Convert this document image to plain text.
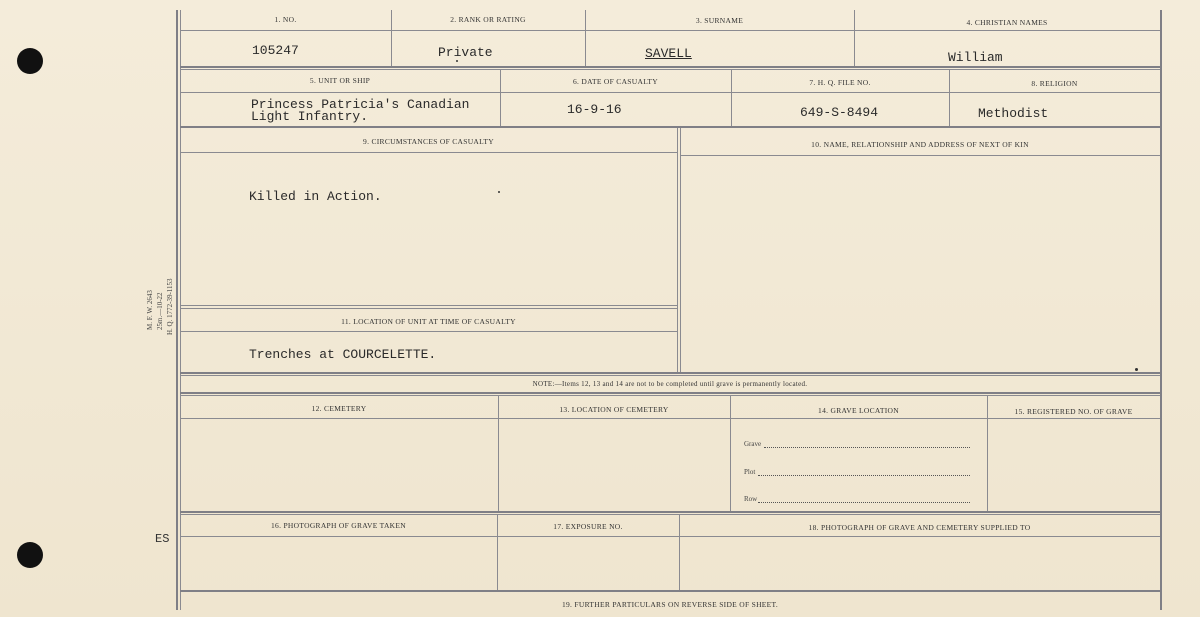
M. F. W. 2643 25m.—10-22 H. Q. 1772-39-1153
ES
1. NO.	2. RANK OR RATING	3. SURNAME	4. CHRISTIAN NAMES
105247	Private	SAVELL	William
5. UNIT OR SHIP	6. DATE OF CASUALTY	7. H. Q. FILE NO.	8. RELIGION
Princess Patricia's Canadian
Light Infantry.	16-9-16	649-S-8494	Methodist
9. CIRCUMSTANCES OF CASUALTY	10. NAME, RELATIONSHIP AND ADDRESS OF NEXT OF KIN
Killed in Action.
11. LOCATION OF UNIT AT TIME OF CASUALTY
Trenches at COURCELETTE.
NOTE:—Items 12, 13 and 14 are not to be completed until grave is permanently located.
12. CEMETERY	13. LOCATION OF CEMETERY	14. GRAVE LOCATION	15. REGISTERED NO. OF GRAVE
Grave
Plot
Row
16. PHOTOGRAPH OF GRAVE TAKEN	17. EXPOSURE NO.	18. PHOTOGRAPH OF GRAVE AND CEMETERY SUPPLIED TO
19. FURTHER PARTICULARS ON REVERSE SIDE OF SHEET.
